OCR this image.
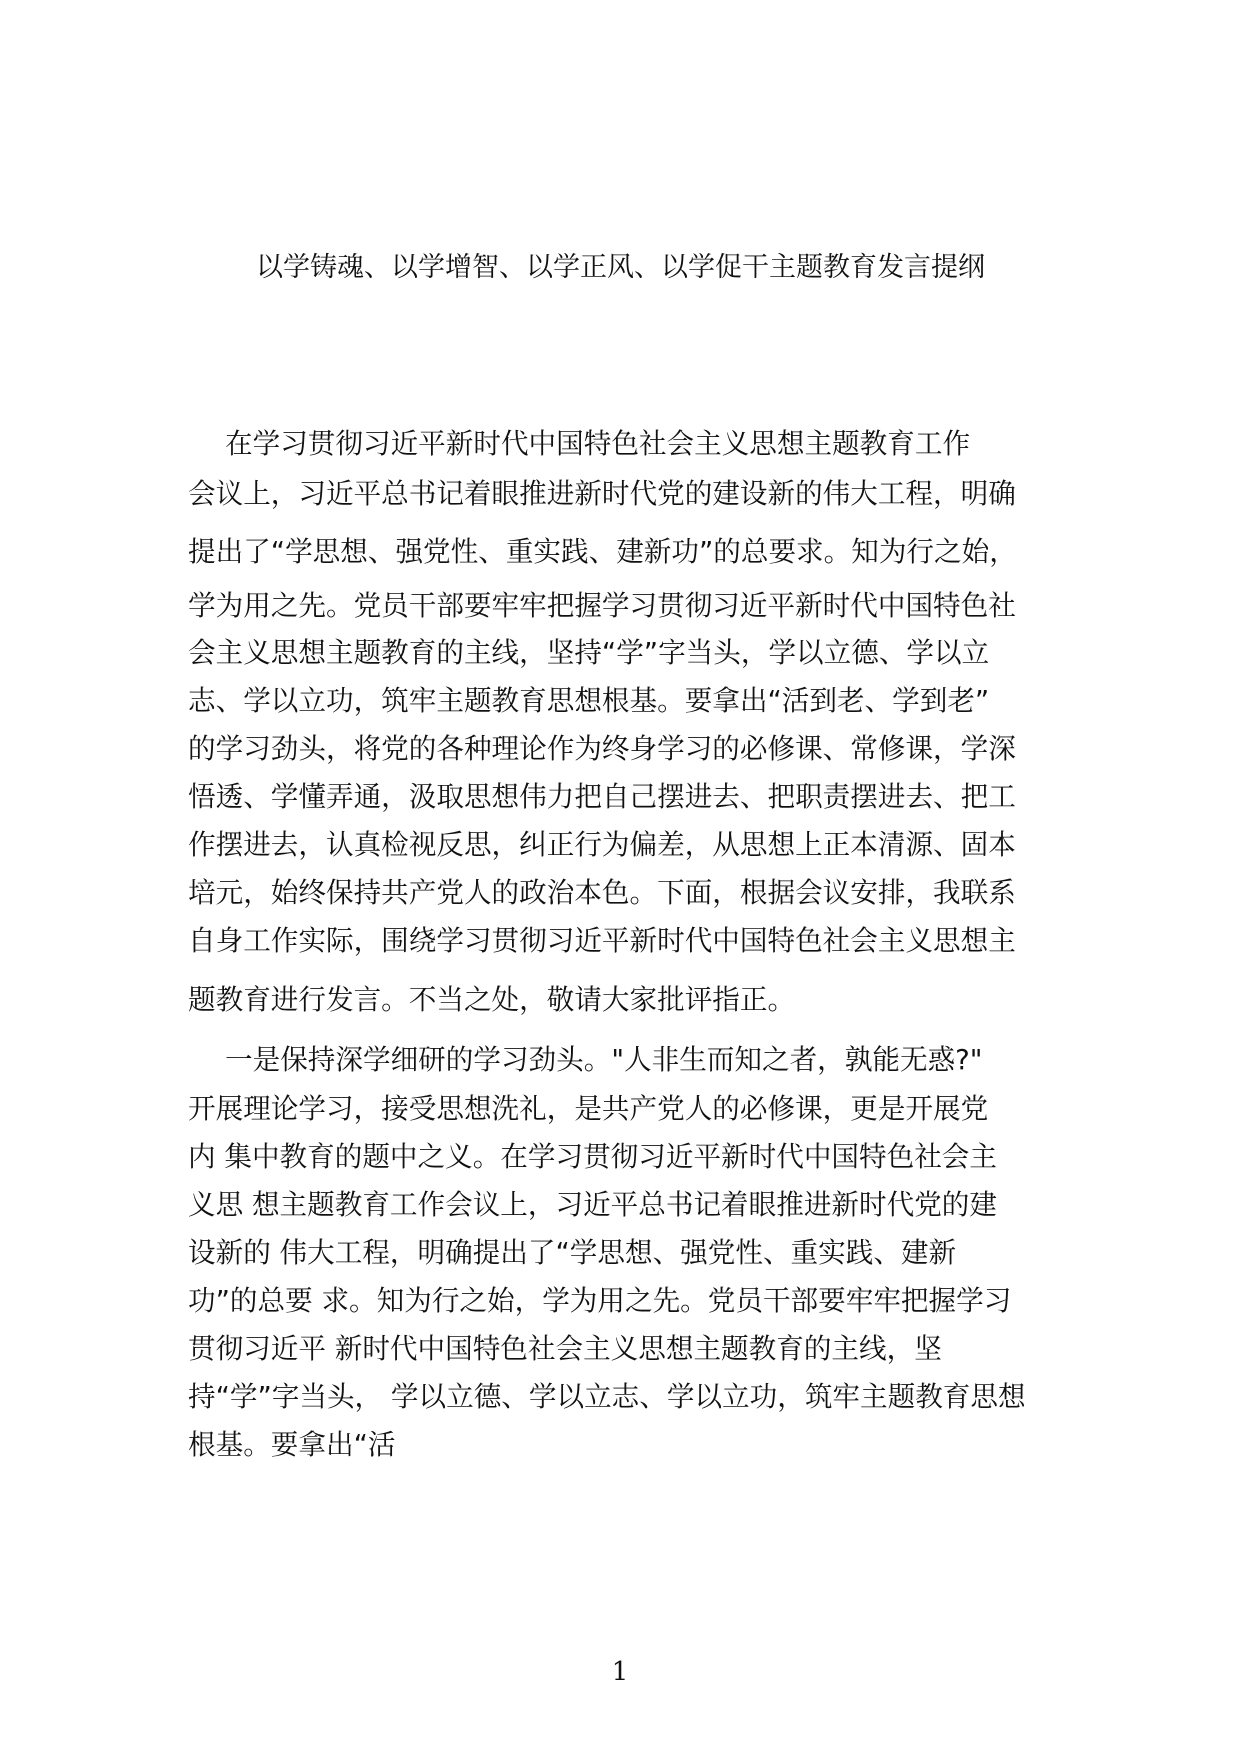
以学铸魂、以学增智、以学正风、以学促干主题教育发言提纲
在学习贯彻习近平新时代中国特色社会主义思想主题教育工作
会议上，习近平总书记着眼推进新时代党的建设新的伟大工程，明确
提出了“学思想、强党性、重实践、建新功”的总要求。知为行之始，
学为用之先。党员干部要牢牢把握学习贯彻习近平新时代中国特色社
会主义思想主题教育的主线，坚持“学”字当头，学以立德、学以立
志、学以立功，筑牢主题教育思想根基。要拿出“活到老、学到老”
的学习劲头，将党的各种理论作为终身学习的必修课、常修课，学深
悟透、学懂弄通，汲取思想伟力把自己摆进去、把职责摆进去、把工
作摆进去，认真检视反思，纠正行为偏差，从思想上正本清源、固本
培元，始终保持共产党人的政治本色。下面，根据会议安排，我联系
自身工作实际，围绕学习贯彻习近平新时代中国特色社会主义思想主
题教育进行发言。不当之处，敬请大家批评指正。
一是保持深学细研的学习劲头。"人非生而知之者，孰能无惑?"
开展理论学习，接受思想洗礼，是共产党人的必修课，更是开展党
内 集中教育的题中之义。在学习贯彻习近平新时代中国特色社会主
义思 想主题教育工作会议上，习近平总书记着眼推进新时代党的建
设新的 伟大工程，明确提出了“学思想、强党性、重实践、建新
功”的总要 求。知为行之始，学为用之先。党员干部要牢牢把握学习
贯彻习近平 新时代中国特色社会主义思想主题教育的主线，坚
持“学”字当头， 学以立德、学以立志、学以立功，筑牢主题教育思想
根基。要拿出“活
1
